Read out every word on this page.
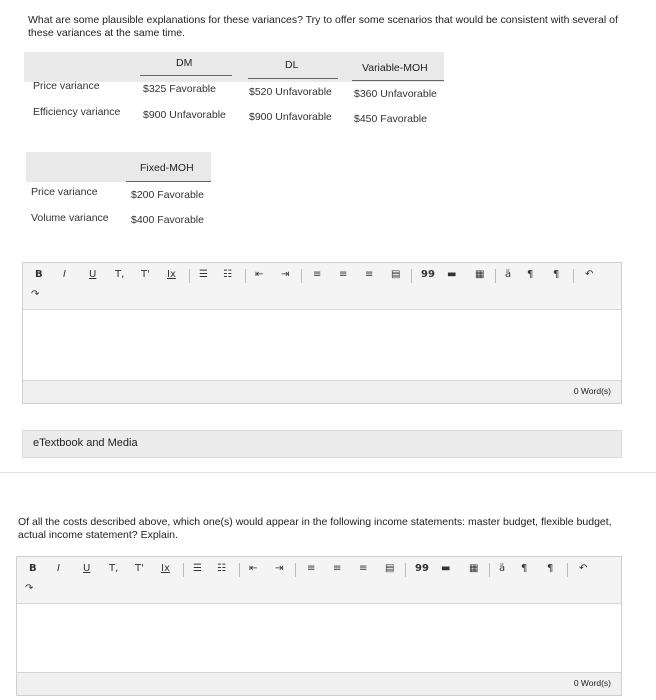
What are some plausible explanations for these variances? Try to offer some scenarios that would be consistent with several of these variances at the same time.
DM	DL	Variable-MOH
Price variance	$325 Favorable	$520 Unfavorable $360 Unfavorable
Efficiency variance $900 Unfavorable $900 Unfavorable $450 Favorable
Fixed-MOH
Price variance	$200 Favorable
Volume variance $400 Favorable
B I U T, T' Ix ☰ ☷ ⇤ ⇥ ≡ ≡ ≡ ▤ 99 ▬ ▦ ä ¶ ¶	↶
↷
0 Word(s)
eTextbook and Media
Of all the costs described above, which one(s) would appear in the following income statements: master budget, flexible budget, actual income statement? Explain.
B I U T, T' Ix ☰ ☷ ⇤ ⇥ ≡ ≡ ≡ ▤ 99 ▬ ▦ ä ¶ ¶	↶
↷
0 Word(s)
